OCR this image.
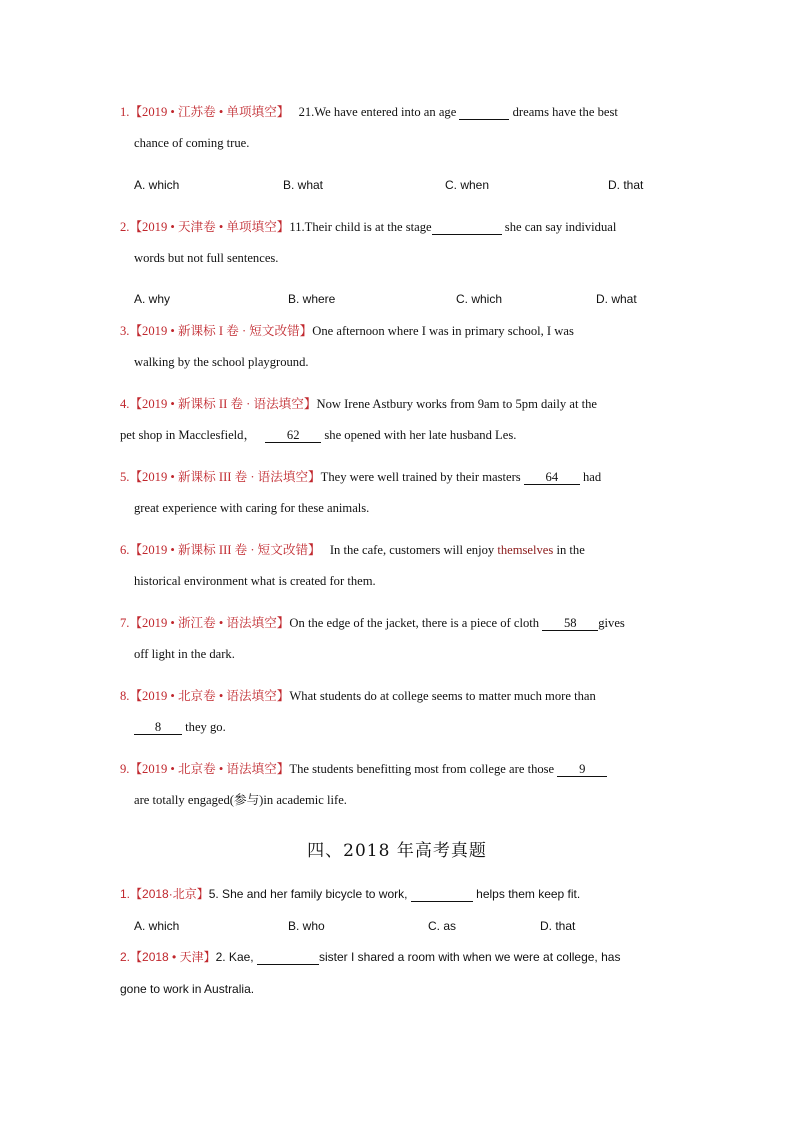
1.【2019 • 江苏卷 • 单项填空】 21.We have entered into an age	dreams have the best
chance of coming true.
A. which	B. what	C. when	D. that
2.【2019 • 天津卷 • 单项填空】11.Their child is at the stage	she can say individual
words but not full sentences.
A. why	B. where	C. which	D. what
3.【2019 • 新课标 I 卷 · 短文改错】One afternoon where I was in primary school, I was
walking by the school playground.
4.【2019 • 新课标 II 卷 · 语法填空】Now Irene Astbury works from 9am to 5pm daily at the
pet shop in Macclesfield， 62 she opened with her late husband Les.
5.【2019 • 新课标 III 卷 · 语法填空】They were well trained by their masters 64 had
great experience with caring for these animals.
6.【2019 • 新课标 III 卷 · 短文改错】 In the cafe, customers will enjoy themselves in the
historical environment what is created for them.
7.【2019 • 浙江卷 • 语法填空】On the edge of the jacket, there is a piece of cloth 58 gives
off light in the dark.
8.【2019 • 北京卷 • 语法填空】What students do at college seems to matter much more than
8 they go.
9.【2019 • 北京卷 • 语法填空】The students benefitting most from college are those 9
are totally engaged(参与)in academic life.
四、2018 年高考真题
1.【2018·北京】5. She and her family bicycle to work,	helps them keep fit.
A. which	B. who	C. as	D. that
2.【2018 • 天津】2. Kae,	sister I shared a room with when we were at college, has
gone to work in Australia.
